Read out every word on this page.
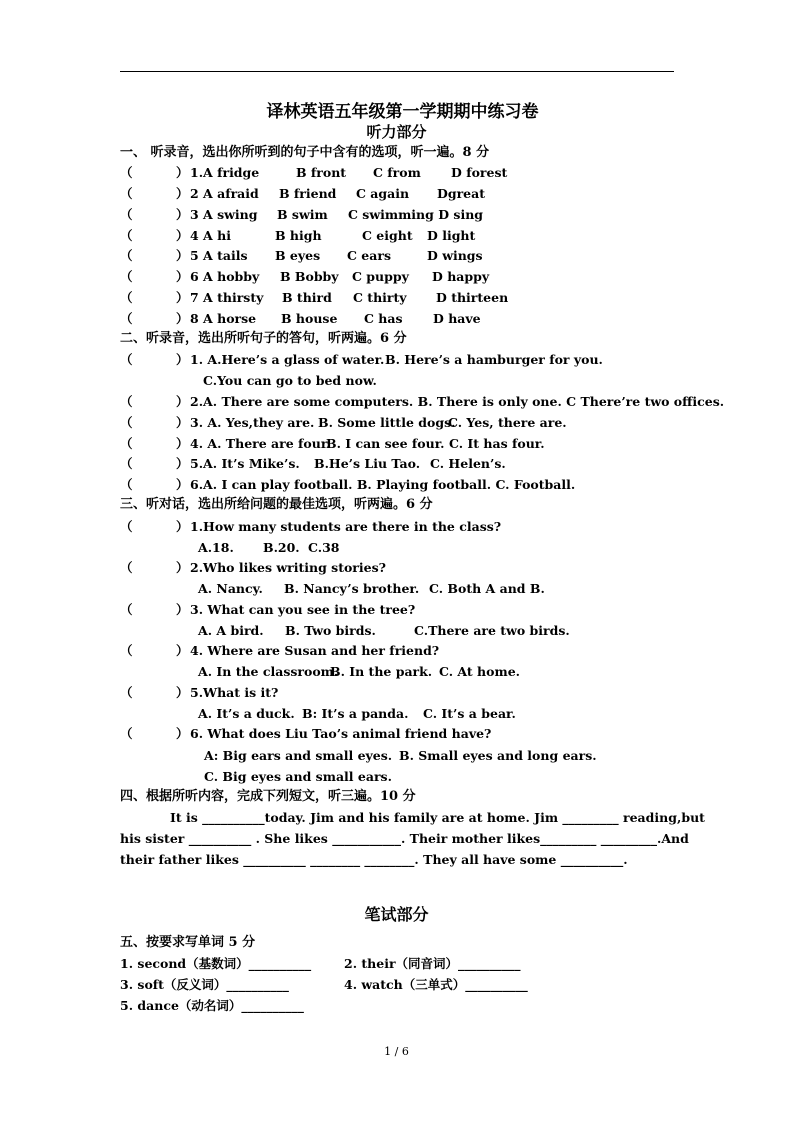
译林英语五年级第一学期期中练习卷
听力部分
一、 听录音，选出你所听到的句子中含有的选项，听一遍。8 分
（	） 1.A fridge	B front C from D forest
（	） 2 A afraid B friend C again Dgreat
（	） 3 A swing B swim C swimming D sing
（	） 4 A hi	B high	C eight D light
（	） 5 A tails B eyes C ears	D wings
（	） 6 A hobby B Bobby C puppy D happy
（	） 7 A thirsty B third C thirty D thirteen
（	） 8 A horse B house C has D have
二、听录音，选出所听句子的答句，听两遍。6 分
（	） 1. A.Here’s a glass of water. B. Here’s a hamburger for you.
C.You can go to bed now.
（	） 2.A. There are some computers. B. There is only one. C There’re two offices.
（	） 3. A. Yes,they are. B. Some little dogs.
C. Yes, there are.
（	） 4. A. There are four.
B. I can see four. C. It has four.
（	） 5.A. It’s Mike’s. B.He’s Liu Tao. C. Helen’s.
（	） 6.A. I can play football. B. Playing football. C. Football.
三、听对话，选出所给问题的最佳选项，听两遍。6 分
（	） 1.How many students are there in the class?
A.18. B.20. C.38
（	） 2.Who likes writing stories?
A. Nancy. B. Nancy’s brother. C. Both A and B.
（	） 3. What can you see in the tree?
A. A bird. B. Two birds.	C.There are two birds.
（	） 4. Where are Susan and her friend?
A. In the classroom.
B. In the park. C. At home.
（	） 5.What is it?
A. It’s a duck. B: It’s a panda. C. It’s a bear.
（	） 6. What does Liu Tao’s animal friend have?
A: Big ears and small eyes. B. Small eyes and long ears.
C. Big eyes and small ears.
四、根据所听内容，完成下列短文，听三遍。10 分
It is __________today. Jim and his family are at home. Jim _________ reading,but
his sister __________ . She likes ___________. Their mother likes_________ _________.And
their father likes __________ ________ ________. They all have some __________.
笔试部分
五、按要求写单词 5 分
1. second（基数词）__________	2. their（同音词）__________
3. soft（反义词）__________	4. watch（三单式）__________
5. dance（动名词）__________
1 / 6
